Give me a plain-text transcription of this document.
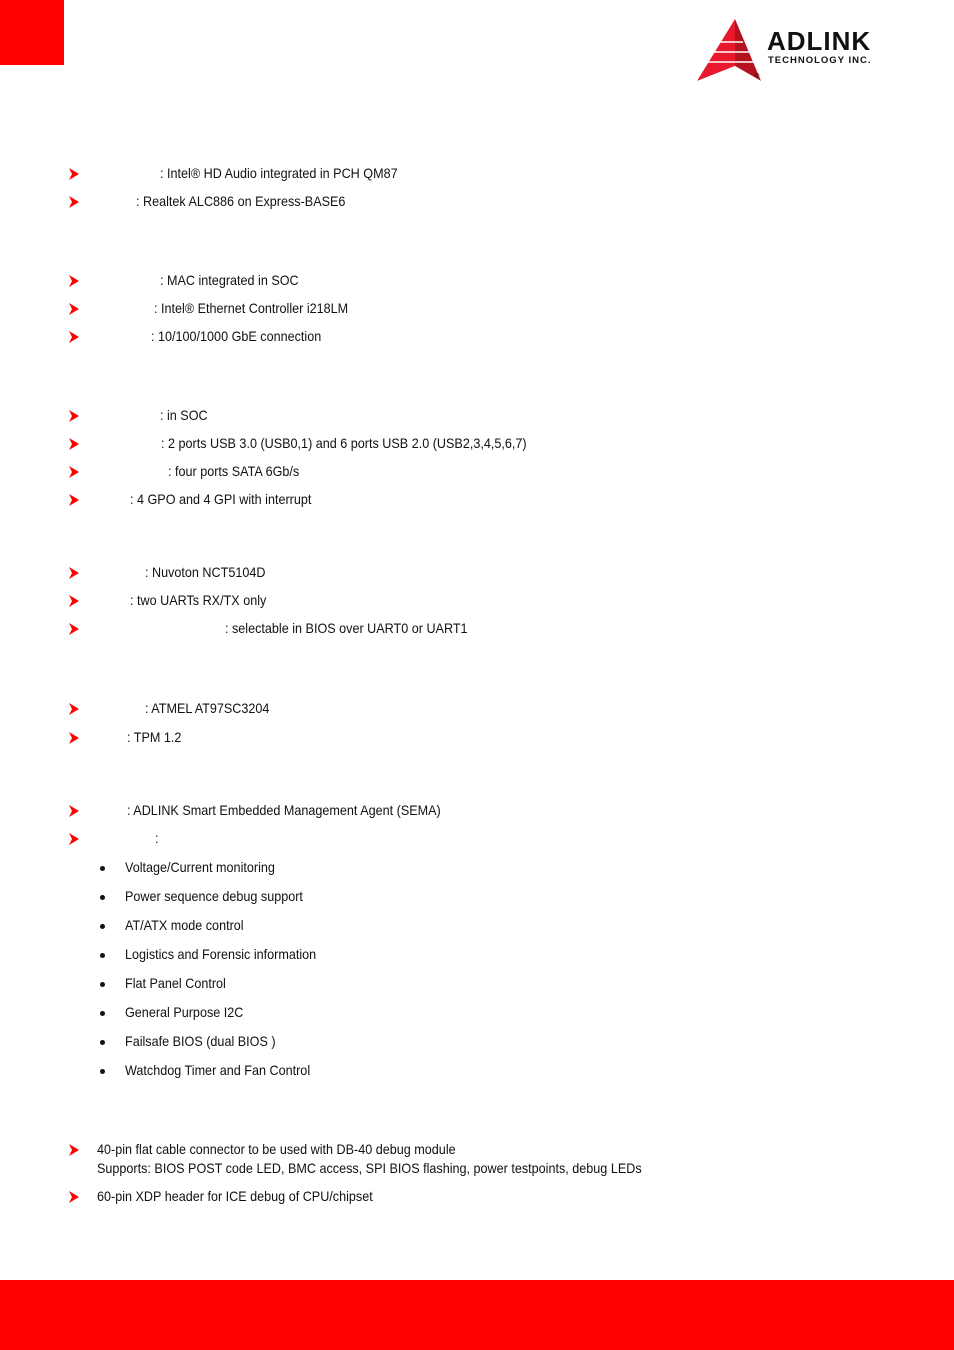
ADLINK
TECHNOLOGY INC.
®
: Intel® HD Audio integrated in PCH QM87
: Realtek ALC886 on Express-BASE6
: MAC integrated in SOC
: Intel® Ethernet Controller i218LM
: 10/100/1000 GbE connection
: in SOC
: 2 ports USB 3.0 (USB0,1) and 6 ports USB 2.0 (USB2,3,4,5,6,7)
: four ports SATA 6Gb/s
: 4 GPO and 4 GPI with interrupt
: Nuvoton NCT5104D
: two UARTs RX/TX only
: selectable in BIOS over UART0 or UART1
: ATMEL AT97SC3204
: TPM 1.2
: ADLINK Smart Embedded Management Agent (SEMA)
:
Voltage/Current monitoring
Power sequence debug support
AT/ATX mode control
Logistics and Forensic information
Flat Panel Control
General Purpose I2C
Failsafe BIOS (dual BIOS )
Watchdog Timer and Fan Control
40-pin flat cable connector to be used with DB-40 debug module
Supports: BIOS POST code LED, BMC access, SPI BIOS flashing, power testpoints, debug LEDs
60-pin XDP header for ICE debug of CPU/chipset
